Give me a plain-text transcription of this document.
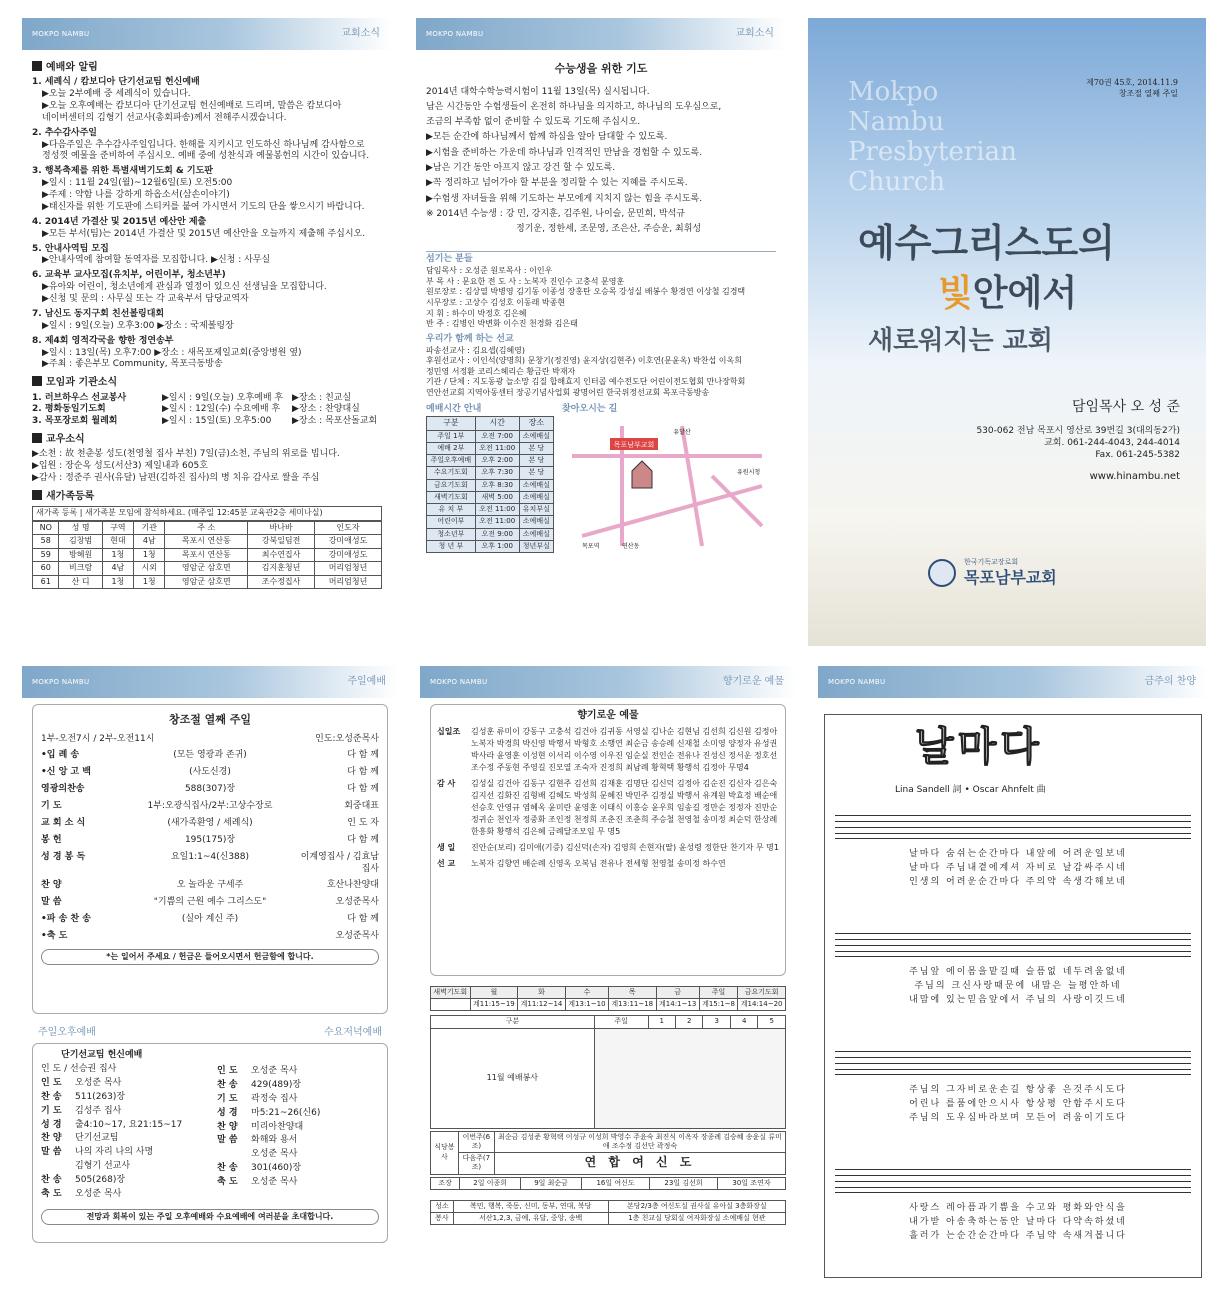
MOKPO NAMBU	교회소식
예배와 알림
1. 세례식 / 캄보디아 단기선교팀 헌신예배
▶오늘 2부예배 중 세례식이 있습니다.
▶오늘 오후예배는 캄보디아 단기선교팀 헌신예배로 드리며, 말씀은 캄보디아
네이버센터의 김형기 선교사(총회파송)께서 전해주시겠습니다.
2. 추수감사주일
▶다음주일은 추수감사주일입니다. 한해를 지키시고 인도하신 하나님께 감사함으로
정성껏 예물을 준비하여 주십시오. 예배 중에 성찬식과 예물봉헌의 시간이 있습니다.
3. 행복축제를 위한 특별새벽기도회 & 기도판
▶일시 : 11월 24일(월)~12월6일(토) 오전5:00
▶주제 : 약함 나를 강하게 하옵소서(삼손이야기)
▶태신자를 위한 기도판에 스티커를 붙여 가시면서 기도의 단을 쌓으시기 바랍니다.
4. 2014년 가결산 및 2015년 예산안 제출
▶모든 부서(팀)는 2014년 가결산 및 2015년 예산안을 오늘까지 제출해 주십시오.
5. 안내사역팀 모집
▶안내사역에 참여할 동역자를 모집합니다. ▶신청 : 사무실
6. 교육부 교사모집(유치부, 어린이부, 청소년부)
▶유아와 어린이, 청소년에게 관심과 열정이 있으신 선생님을 모집합니다.
▶신청 및 문의 : 사무실 또는 각 교육부서 담당교역자
7. 남신도 동지구회 친선볼링대회
▶일시 : 9일(오늘) 오후3:00 ▶장소 : 국제볼링장
8. 제4회 영적각국을 향한 정연송부
▶일시 : 13일(목) 오후7:00 ▶장소 : 새목포제일교회(중앙병원 옆)
▶주최 : 좋은부모 Community, 목포극동방송
모임과 기관소식
1. 러브하우스 선교봉사	▶일시 : 9일(오늘) 오후예배 후 ▶장소 : 친교실
2. 평화동일기도회	▶일시 : 12일(수) 수요예배 후	▶장소 : 찬양대실
3. 목포장로회 월례회	▶일시 : 15일(토) 오후5:00	▶장소 : 목포산돌교회
교우소식
▶소천 : 故 천춘봉 성도(천영철 집사 부친) 7일(금)소천, 주님의 위로를 빕니다.
▶입원 : 장순옥 성도(서산3) 제일내과 605호
▶감사 : 정준주 권사(유달) 남편(김하진 집사)의 병 치유 감사로 쌀을 주심
새가족등록
새가족 등록 | 새가족분 모임에 참석하세요. (매주일 12:45분 교육관2층 세미나실)
NO	성 명	구역	기관	주 소	바나바	인도자
58	김창범	현대	4남	목포시 연산동	강북일딤전	강미애성도
59	방혜원	1청	1청	목포시 연산동	최수연집사	강미애성도
60	비크람	4남	시외	영암군 삼호면	김지훈청년	머리엄청년
61	산 디	1청	1청	영암군 삼호면	조수정집사	머리엄청년
MOKPO NAMBU	교회소식
수능생을 위한 기도
2014년 대학수학능력시험이 11월 13일(목) 실시됩니다.
남은 시간동안 수험생들이 온전히 하나님을 의지하고, 하나님의 도우심으로,
조금의 부족함 없이 준비할 수 있도록 기도해 주십시오.
▶모든 순간에 하나님께서 함께 하심을 알아 담대할 수 있도록.
▶시험을 준비하는 가운데 하나님과 인격적인 만남을 경험할 수 있도록.
▶남은 기간 동안 아프지 않고 강건 할 수 있도록.
▶꼭 정리하고 넘어가야 할 부분을 정리할 수 있는 지혜를 주시도록.
▶수험생 자녀들을 위해 기도하는 부모에게 지치지 않는 힘을 주시도록.
※ 2014년 수능생 : 강 민, 강지훈, 김주원, 나이슬, 문민희, 박석규
정기운, 정한세, 조문영, 조은산, 주승운, 최휘성
섬기는 분들
담임목사 : 오성준 원로목사 : 이인우
부 목 사 : 문요한 전 도 사 : 노복자 진인수 고충석 문영훈
원로장로 : 김상열 박병영 김기동 이종성 장홍탄 오승목 강성실 배봉수 황경연 이상철 김경택
시무장로 : 고상수 김성호 이동래 박종현
지 휘 : 하수미 박정호 김은혜
반 주 : 김병인 박변화 이수진 천경화 김은태
우리가 함께 하는 선교
파송선교사 : 김요셉(김혜영)
후원선교사 : 이인석(양명희) 문창기(정진영) 윤지상(김현주) 이호연(문윤옥) 박찬섭 이옥희
정민영 서정환 코리스헤리슨 황금란 박재자
기관 / 단체 : 지도동광 늘소망 김질 합해효지 인터콥 예수전도단 어린이전도협회 만나장학회
연안선교회 지역아동센터 장공기념사업회 광명어린 한국위정선교회 목포극동방송
예배시간 안내
구분	시간	장소
주일 1부	오전 7:00	소예배실
예배 2부	오전 11:00	본 당
주일오후예배	오후 2:00	본 당
수요기도회	오후 7:30	본 당
금요기도회	오후 8:30	소예배실
새벽기도회	새벽 5:00	소예배실
유 치 부	오전 11:00	유치부실
어린이부	오전 11:00	소예배실
청소년부	오전 9:00	소예배실
청 년 부	오후 1:00	청년부실
찾아오시는 길
목포남부교회
유달산
목포역	연산동
유원시청
제70권 45호, 2014.11.9
창조절 열째 주일
Mokpo
Nambu
Presbyterian
Church
예수그리스도의
빛안에서
새로워지는 교회
담임목사 오 성 준
530-062 전남 목포시 영산로 39번길 3(대의동2가)
교회. 061-244-4043, 244-4014
Fax. 061-245-5382
www.hinambu.net
한국기독교장로회
목포남부교회
MOKPO NAMBU	주일예배
창조절 열째 주일
1부-오전7시 / 2부-오전11시	인도:오성준목사
•입 례 송	(모든 영광과 존귀)	다 함 께
•신 앙 고 백	(사도신경)	다 함 께
영광의찬송	588(307)장	다 함 께
기 도	1부:오광식집사/2부:고상수장로	회중대표
교 회 소 식	(새가족환영 / 세례식)	인 도 자
봉 헌	195(175)장	다 함 께
성 경 봉 독	요일1:1~4(신388)	이계영집사 / 김효남집사
찬 양	오 놀라운 구세주	호산나찬양대
말 씀	"기쁨의 근원 예수 그리스도"	오성준목사
•파 송 찬 송	(실아 계신 주)	다 함 께
•축 도	오성준목사
*는 일어서 주세요 / 헌금은 들어오시면서 헌금함에 합니다.
주일오후예배	수요저녁예배
단기선교팀 헌신예배
인 도 / 선승권 집사
인 도	오성준 목사
찬 송	511(263)장
기 도	김성주 집사
성 경	출4:10~17, 요21:15~17
찬 양	단기선교팀
말 씀	나의 자리 나의 사명
김형기 선교사
찬 송	505(268)장
축 도	오성준 목사
인 도	오성준 목사
찬 송	429(489)장
기 도	곽정숙 집사
성 경	마5:21~26(신6)
찬 양	미리아찬양대
말 씀	화해와 용서
오성준 목사
찬 송	301(460)장
축 도	오성준 목사
전망과 회복이 있는 주일 오후예배와 수요예배에 여러분을 초대합니다.
MOKPO NAMBU	향기로운 예물
향기로운 예물
십일조	김성훈 류미이 강동구 고충석 김건아 김귀동 서영실 김나순 김현님 김선희 김신원 김정아 노복자 박경희 박신영 박행서 박형호 소행연 최순금 송승례 신재철 소미영 양정자 유성권 박사라 윤영훈 이성현 이서리 이수영 이우진 임순실 전인순 전유나 진성신 정서운 정호선 조수정 주동현 주영길 진모열 조숙자 진정희 최남례 황혁택 황행석 김정아 무명4
감 사	김성실 김건아 김동구 김현주 김선희 김재훈 김명단 김신덕 김정아 김순진 김신자 김은숙 김지선 김화진 김형배 김혜도 박성희 문혜진 박민주 김정실 박행서 유계원 박효정 배순애 선승호 안영규 염혜옥 윤미란 윤영훈 이태식 이홍승 윤우희 임송길 정만순 정정자 진만순 정귀순 천인자 정중화 조인정 천정희 조춘진 조춘희 주승철 천영철 송미정 최순덕 한상례 한흥화 황행석 김은혜 금례달조모임 무 명5
생 일	진안순(보리) 김미애(기증) 김신덕(손자) 김영희 손현자(딸) 윤성령 정한단 찬기자 무 명1
선 교	노복자 김향연 배순례 신영옥 오복님 전유나 전세형 천영철 송미정 하수연
새벽기도회	월	화	수	목	금	주일	금요기도회
	계11:15~19	계11:12~14	계13:1~10	계13:11~18	계14:1~13	계15:1~8	계14:14~20
구분	주일	1	2	3	4	5
11월 예배봉사						
식당봉사	이번주(6조)	최순금 김성준 황혁택 이성규 이성희 박영수 주윤숙 최진식 이옥자 장종례 김승혜 송윤실 류미애 조수정 김선단 곽정숙
	다음주(7조)	연 합 여 신 도
조장	2일 이종희	9일 최순금	16일 여신도	23일 김선희	30일 조연자
성소	복민, 행복, 죽동, 신미, 동부, 연대, 북당	본당2/3층 여신도실 권사실 유아실 3층화장실
봉사	서산1,2,3, 금예, 유달, 중앙, 송백	1층 친교실 당회실 여자화장실 소예배실 현관
MOKPO NAMBU	금주의 찬양
날마다
Lina Sandell 詞 • Oscar Ahnfelt 曲
날마다 숨쉬는순간마다 내앞에 어려운일보네
날마다 주님내곁에계셔 자비로 날감싸주시네
인생의 어려운순간마다 주의약 속생각해보네
주님앞 에이몸을맡길때 슬픔없 네두려움없네
주님의 크신사랑때문에 내맘은 늘평안하네
내맘에 있는믿음앞에서 주님의 사랑이깃드네
주님의 그자비로운손길 항상좋 은것주시도다
어린나 를품에안으시사 항상평 안함주시도다
주님의 도우심바라보며 모든어 려움이기도다
사랑스 레아픔과기쁨을 수고와 평화와안식을
내가받 아송축하는동안 날마다 다약속하셨네
흘러가 는순간순간마다 주님약 속새겨봅니다
